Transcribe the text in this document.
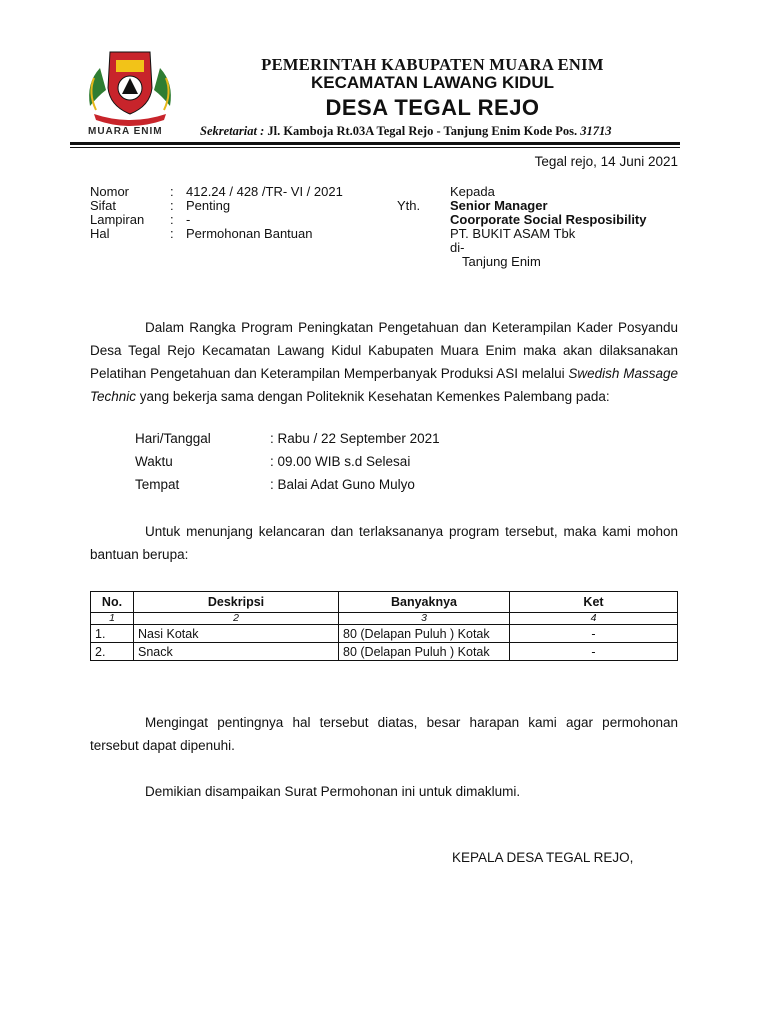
MUARA ENIM
PEMERINTAH KABUPATEN MUARA ENIM
KECAMATAN LAWANG KIDUL
DESA TEGAL REJO
Sekretariat : Jl. Kamboja Rt.03A Tegal Rejo - Tanjung Enim Kode Pos. 31713
Tegal rejo, 14 Juni 2021
Nomor	: 412.24 / 428 /TR- VI / 2021
Sifat	: Penting
Lampiran : -
Hal	: Permohonan Bantuan
Kepada
Yth. Senior Manager
Coorporate Social Resposibility
PT. BUKIT ASAM Tbk
di-
Tanjung Enim
Dalam Rangka Program Peningkatan Pengetahuan dan Keterampilan Kader Posyandu Desa Tegal Rejo Kecamatan Lawang Kidul Kabupaten Muara Enim maka akan dilaksanakan Pelatihan Pengetahuan dan Keterampilan Memperbanyak Produksi ASI melalui Swedish Massage Technic yang bekerja sama dengan Politeknik Kesehatan Kemenkes Palembang pada:
Hari/Tanggal	: Rabu / 22 September 2021
Waktu	: 09.00 WIB s.d Selesai
Tempat	: Balai Adat Guno Mulyo
Untuk menunjang kelancaran dan terlaksananya program tersebut, maka kami mohon bantuan berupa:
No.	Deskripsi	Banyaknya	Ket
1	2	3	4
1.	Nasi Kotak	80 (Delapan Puluh ) Kotak	-
2.	Snack	80 (Delapan Puluh ) Kotak	-
Mengingat pentingnya hal tersebut diatas, besar harapan kami agar permohonan tersebut dapat dipenuhi.
Demikian disampaikan Surat Permohonan ini untuk dimaklumi.
KEPALA DESA TEGAL REJO,
